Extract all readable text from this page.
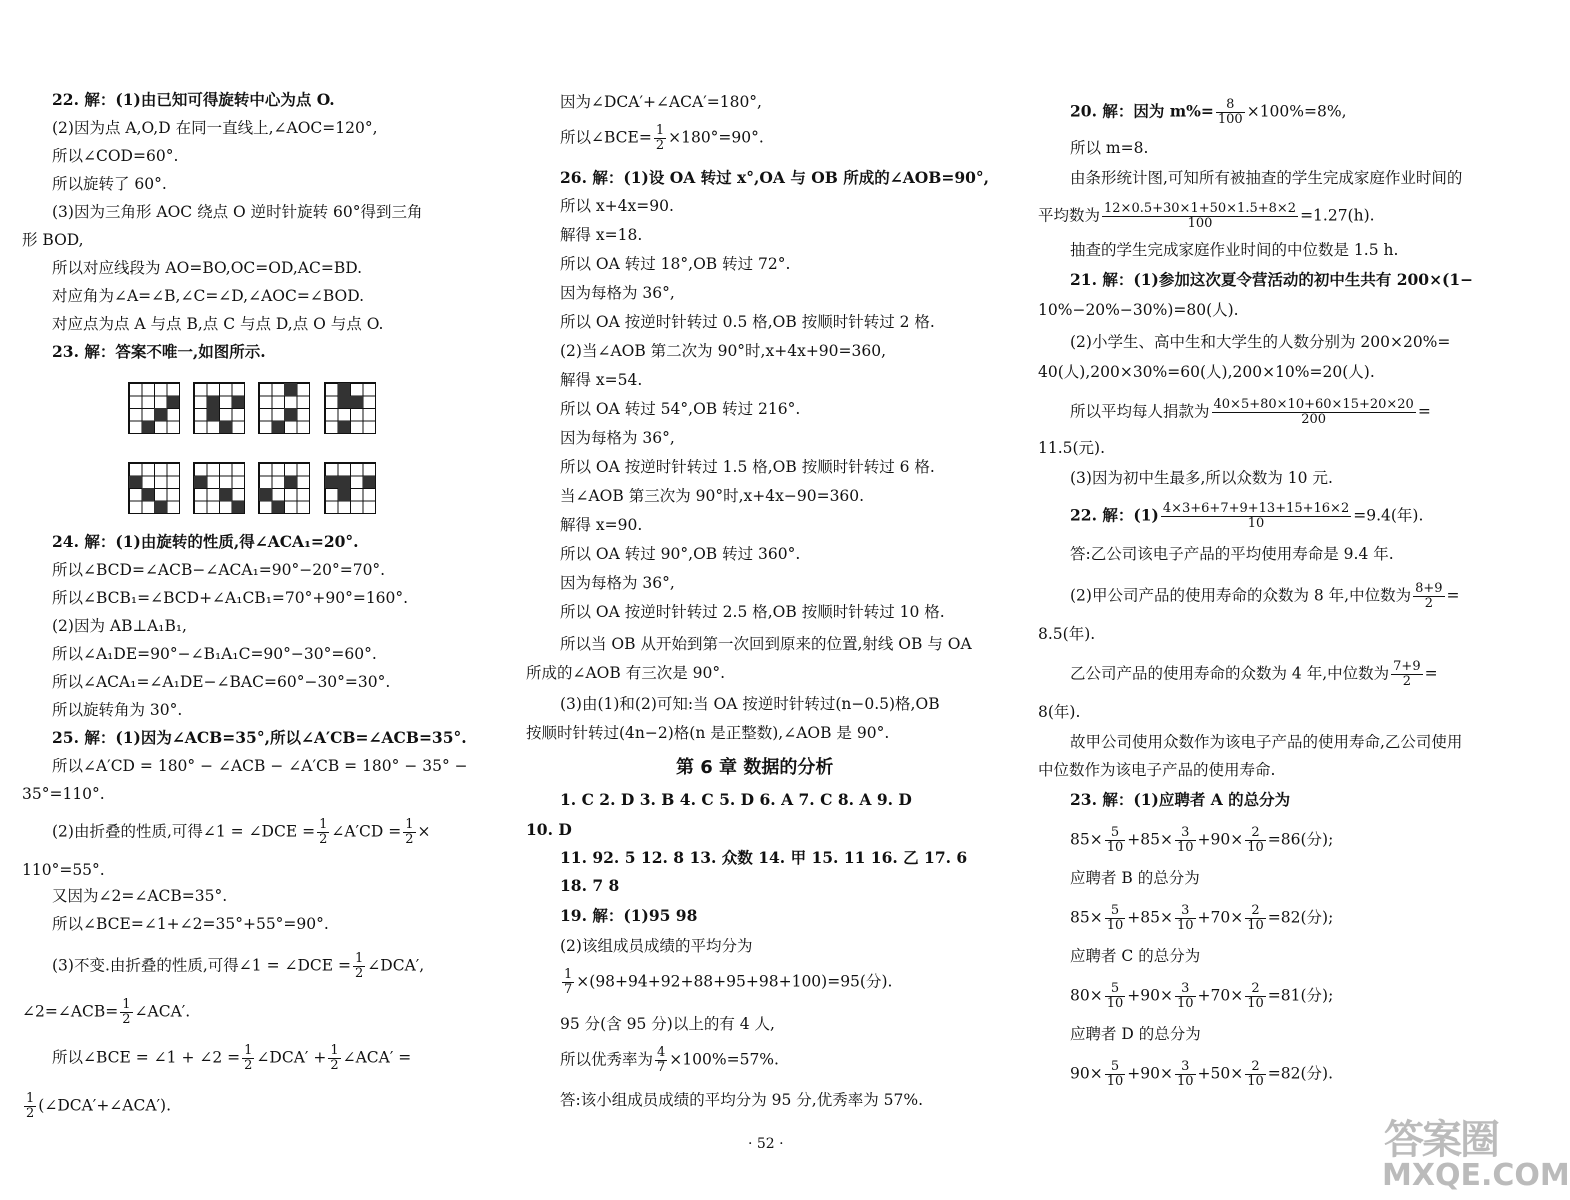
22. 解：(1)由已知可得旋转中心为点 O.
(2)因为点 A,O,D 在同一直线上,∠AOC=120°,
所以∠COD=60°.
所以旋转了 60°.
(3)因为三角形 AOC 绕点 O 逆时针旋转 60°得到三角
形 BOD,
所以对应线段为 AO=BO,OC=OD,AC=BD.
对应角为∠A=∠B,∠C=∠D,∠AOC=∠BOD.
对应点为点 A 与点 B,点 C 与点 D,点 O 与点 O.
23. 解：答案不唯一,如图所示.
24. 解：(1)由旋转的性质,得∠ACA₁=20°.
所以∠BCD=∠ACB−∠ACA₁=90°−20°=70°.
所以∠BCB₁=∠BCD+∠A₁CB₁=70°+90°=160°.
(2)因为 AB⊥A₁B₁,
所以∠A₁DE=90°−∠B₁A₁C=90°−30°=60°.
所以∠ACA₁=∠A₁DE−∠BAC=60°−30°=30°.
所以旋转角为 30°.
25. 解：(1)因为∠ACB=35°,所以∠A′CB=∠ACB=35°.
所以∠A′CD = 180° − ∠ACB − ∠A′CB = 180° − 35° −
35°=110°.
(2)由折叠的性质,可得∠1 = ∠DCE = $\frac{1}{2}$ ∠A′CD = $\frac{1}{2}$ ×
110°=55°.
又因为∠2=∠ACB=35°.
所以∠BCE=∠1+∠2=35°+55°=90°.
(3)不变.由折叠的性质,可得∠1 = ∠DCE = $\frac{1}{2}$ ∠DCA′,
∠2=∠ACB= $\frac{1}{2}$ ∠ACA′.
所以∠BCE = ∠1 + ∠2 = $\frac{1}{2}$ ∠DCA′ + $\frac{1}{2}$ ∠ACA′ =
$\frac{1}{2}$ (∠DCA′+∠ACA′).
因为∠DCA′+∠ACA′=180°,
所以∠BCE= $\frac{1}{2} \times 180^\circ=90^\circ$.
26. 解：(1)设 OA 转过 x°,OA 与 OB 所成的∠AOB=90°,
所以 x+4x=90.
解得 x=18.
所以 OA 转过 18°,OB 转过 72°.
因为每格为 36°,
所以 OA 按逆时针转过 0.5 格,OB 按顺时针转过 2 格.
(2)当∠AOB 第二次为 90°时,x+4x+90=360,
解得 x=54.
所以 OA 转过 54°,OB 转过 216°.
因为每格为 36°,
所以 OA 按逆时针转过 1.5 格,OB 按顺时针转过 6 格.
当∠AOB 第三次为 90°时,x+4x−90=360.
解得 x=90.
所以 OA 转过 90°,OB 转过 360°.
因为每格为 36°,
所以 OA 按逆时针转过 2.5 格,OB 按顺时针转过 10 格.
所以当 OB 从开始到第一次回到原来的位置,射线 OB 与 OA
所成的∠AOB 有三次是 90°.
(3)由(1)和(2)可知:当 OA 按逆时针转过(n−0.5)格,OB
按顺时针转过(4n−2)格(n 是正整数),∠AOB 是 90°.
第 6 章 数据的分析
1. C 2. D 3. B 4. C 5. D 6. A 7. C 8. A 9. D
10. D
11. 92. 5 12. 8 13. 众数 14. 甲 15. 11 16. 乙 17. 6
18. 7 8
19. 解：(1)95 98
(2)该组成员成绩的平均分为
$\frac{1}{7} \times(98+94+92+88+95+98+100)=95$(分).
95 分(含 95 分)以上的有 4 人,
所以优秀率为 $\frac{4}{7} \times 100\%=57\%$.
答:该小组成员成绩的平均分为 95 分,优秀率为 57%.
· 52 ·
20. 解：因为 $m\%= \frac{8}{100} \times 100\%=8\%$,
所以 m=8.
由条形统计图,可知所有被抽查的学生完成家庭作业时间的
平均数为 $\frac{12\times 0.5+30\times 1+50\times 1.5+8\times 2}{100} =1.27(h)$.
抽查的学生完成家庭作业时间的中位数是 1.5 h.
21. 解：(1)参加这次夏令营活动的初中生共有 200×(1−
10%−20%−30%)=80(人).
(2)小学生、高中生和大学生的人数分别为 200×20%=
40(人),200×30%=60(人),200×10%=20(人).
所以平均每人捐款为 $\frac{40\times 5+80\times 10+60\times 15+20\times 20}{200}$ =
11.5(元).
(3)因为初中生最多,所以众数为 10 元.
22. 解：$(1) \frac{4\times 3+6+7+9+13+15+16\times 2}{10} =9.4$(年).
答:乙公司该电子产品的平均使用寿命是 9.4 年.
(2)甲公司产品的使用寿命的众数为 8 年,中位数为 $\frac{8+9}{2}$ =
8.5(年).
乙公司产品的使用寿命的众数为 4 年,中位数为 $\frac{7+9}{2}$ =
8(年).
故甲公司使用众数作为该电子产品的使用寿命,乙公司使用
中位数作为该电子产品的使用寿命.
23. 解：(1)应聘者 A 的总分为
$85\times \frac{5}{10} +85\times \frac{3}{10} +90\times \frac{2}{10} =86$(分);
应聘者 B 的总分为
$85\times \frac{5}{10} +85\times \frac{3}{10} +70\times \frac{2}{10} =82$(分);
应聘者 C 的总分为
$80\times \frac{5}{10} +90\times \frac{3}{10} +70\times \frac{2}{10} =81$(分);
应聘者 D 的总分为
$90\times \frac{5}{10} +90\times \frac{3}{10} +50\times \frac{2}{10} =82$(分).
答案圈
MXQE.COM
